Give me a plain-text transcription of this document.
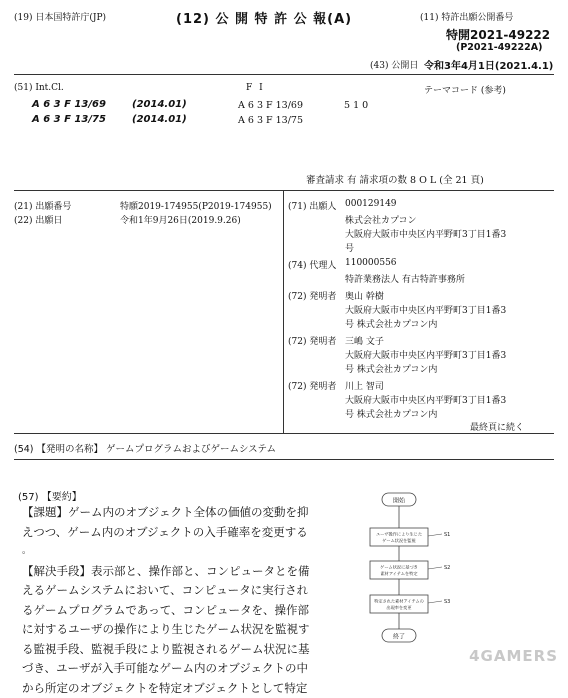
(19) 日本国特許庁(JP)	(12) 公 開 特 許 公 報(A)	(11) 特許出願公開番号
特開2021-49222
(P2021-49222A)
(43) 公開日 令和3年4月1日(2021.4.1)
(51) Int.Cl.	F I	テーマコード (参考)
A 6 3 F 13/69	(2014.01)	A 6 3 F 13/69	5 1 0
A 6 3 F 13/75	(2014.01)	A 6 3 F 13/75
審査請求 有 請求項の数 8 O L (全 21 頁)
(21) 出願番号	特願2019-174955(P2019-174955)
(22) 出願日	令和1年9月26日(2019.9.26)
(71) 出願人 000129149
株式会社カプコン
大阪府大阪市中央区内平野町3丁目1番3
号
(74) 代理人 110000556
特許業務法人 有古特許事務所
(72) 発明者 奥山 幹樹
大阪府大阪市中央区内平野町3丁目1番3
号 株式会社カプコン内
(72) 発明者 三嶋 文子
大阪府大阪市中央区内平野町3丁目1番3
号 株式会社カプコン内
(72) 発明者 川上 智司
大阪府大阪市中央区内平野町3丁目1番3
号 株式会社カプコン内
最終頁に続く
(54) 【発明の名称】 ゲームプログラムおよびゲームシステム
(57) 【要約】
【課題】ゲーム内のオブジェクト全体の価値の変動を抑
えつつ、ゲーム内のオブジェクトの入手確率を変更する
。
【解決手段】表示部と、操作部と、コンピュータとを備
えるゲームシステムにおいて、コンピュータに実行され
るゲームプログラムであって、コンピュータを、操作部
に対するユーザの操作により生じたゲーム状況を監視す
る監視手段、監視手段により監視されるゲーム状況に基
づき、ユーザが入手可能なゲーム内のオブジェクトの中
から所定のオブジェクトを特定オブジェクトとして特定
開始
ユーザ操作により生じた
ゲーム状況を監視
S1
ゲーム状況に基づき
素材アイテムを特定
S2
特定された素材アイテムの
出現率を変更
S3
終了
4GAMERS
